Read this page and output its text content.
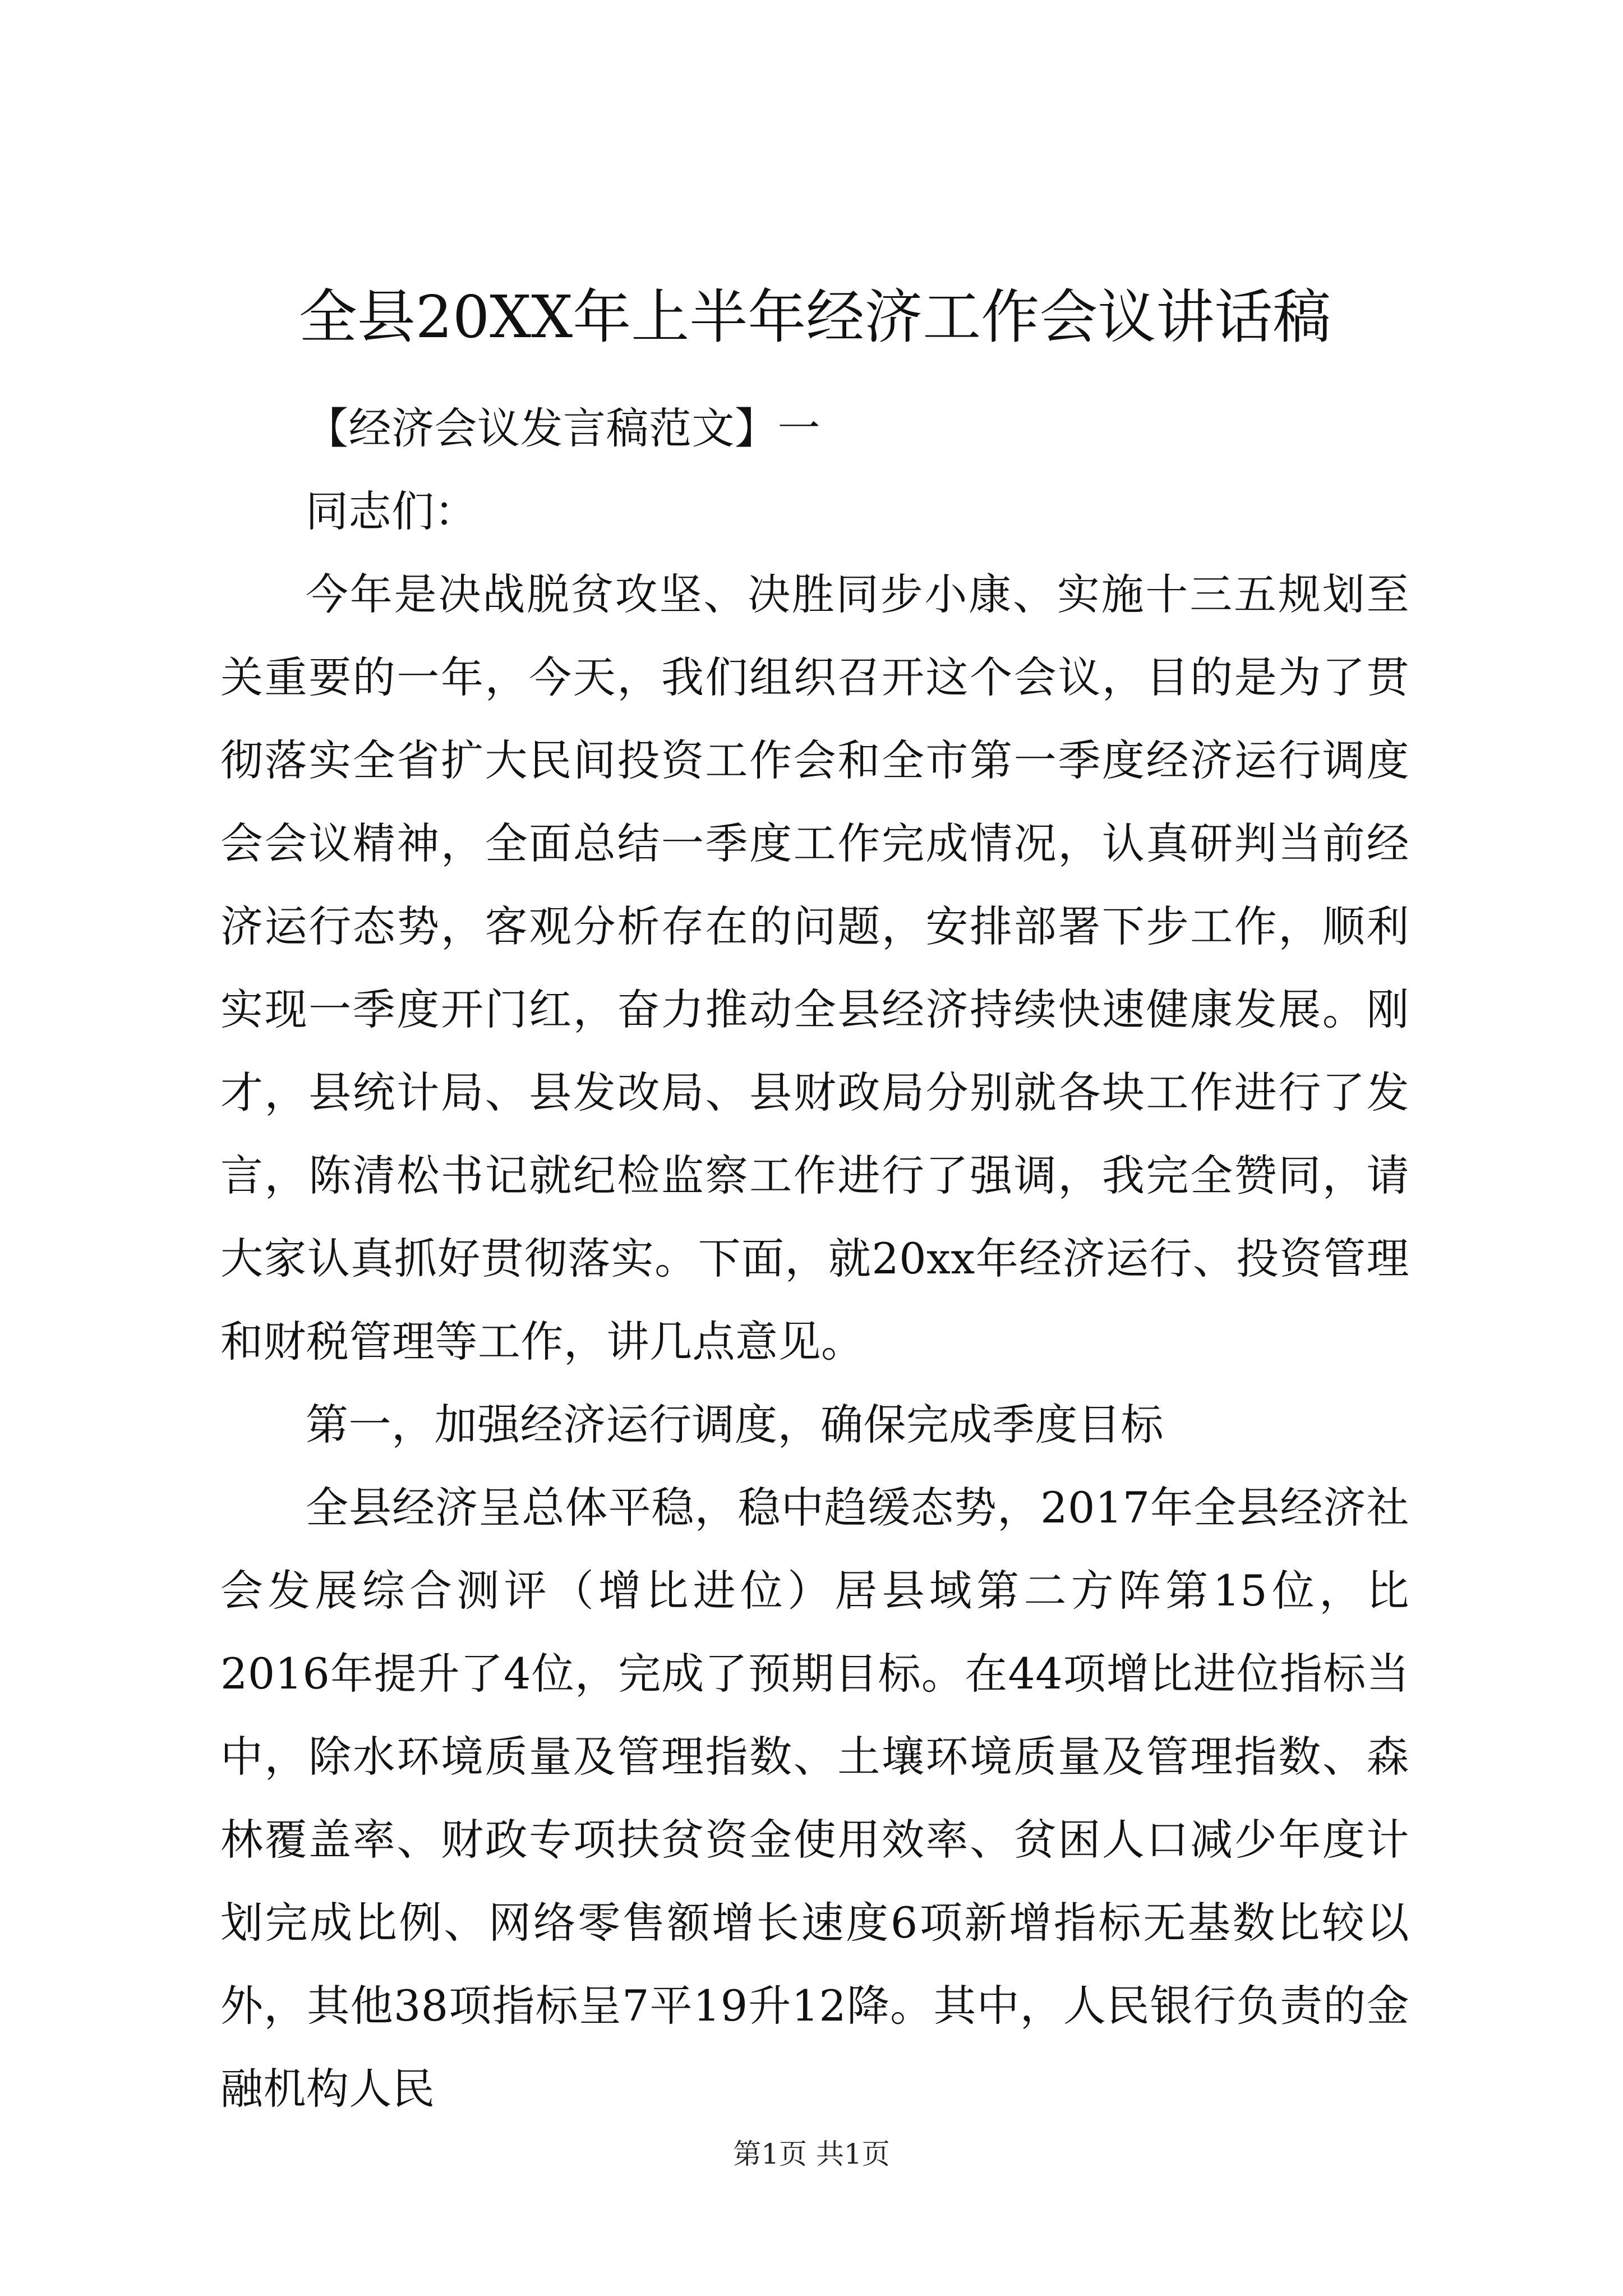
全县20XX年上半年经济工作会议讲话稿

【经济会议发言稿范文】一

同志们：

今年是决战脱贫攻坚、决胜同步小康、实施十三五规划至关重要的一年，今天，我们组织召开这个会议，目的是为了贯彻落实全省扩大民间投资工作会和全市第一季度经济运行调度会会议精神，全面总结一季度工作完成情况，认真研判当前经济运行态势，客观分析存在的问题，安排部署下步工作，顺利实现一季度开门红，奋力推动全县经济持续快速健康发展。刚才，县统计局、县发改局、县财政局分别就各块工作进行了发言，陈清松书记就纪检监察工作进行了强调，我完全赞同，请大家认真抓好贯彻落实。下面，就20xx年经济运行、投资管理和财税管理等工作，讲几点意见。

第一，加强经济运行调度，确保完成季度目标

全县经济呈总体平稳，稳中趋缓态势，2017年全县经济社会发展综合测评（增比进位）居县域第二方阵第15位，比2016年提升了4位，完成了预期目标。在44项增比进位指标当中，除水环境质量及管理指数、土壤环境质量及管理指数、森林覆盖率、财政专项扶贫资金使用效率、贫困人口减少年度计划完成比例、网络零售额增长速度6项新增指标无基数比较以外，其他38项指标呈7平19升12降。其中，人民银行负责的金融机构人民

第1页 共1页
